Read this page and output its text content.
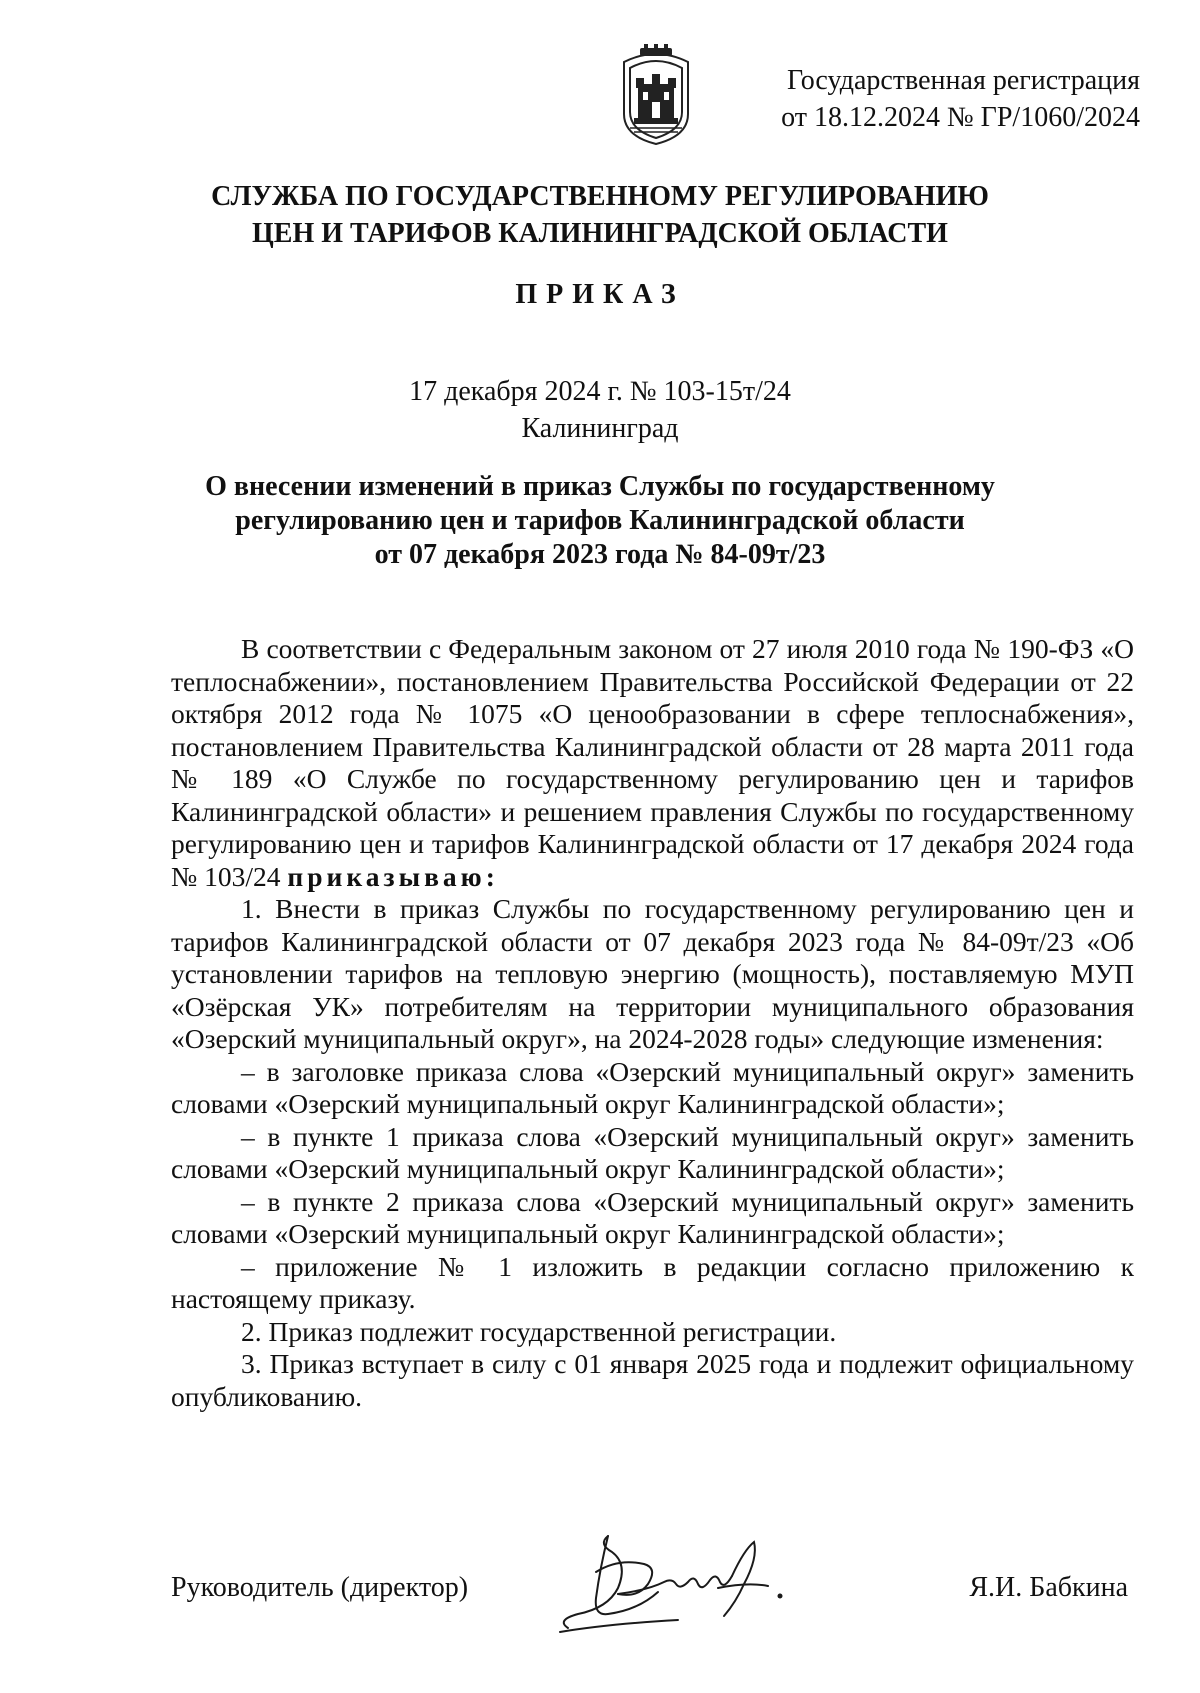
Государственная регистрация
от 18.12.2024 № ГР/1060/2024
СЛУЖБА ПО ГОСУДАРСТВЕННОМУ РЕГУЛИРОВАНИЮ
ЦЕН И ТАРИФОВ КАЛИНИНГРАДСКОЙ ОБЛАСТИ
ПРИКАЗ
17 декабря 2024 г. № 103-15т/24
Калининград
О внесении изменений в приказ Службы по государственному
регулированию цен и тарифов Калининградской области
от 07 декабря 2023 года № 84-09т/23

В соответствии с Федеральным законом от 27 июля 2010 года № 190-ФЗ «О теплоснабжении», постановлением Правительства Российской Федерации от 22 октября 2012 года № 1075 «О ценообразовании в сфере теплоснабжения», постановлением Правительства Калининградской области от 28 марта 2011 года № 189 «О Службе по государственному регулированию цен и тарифов Калининградской области» и решением правления Службы по государственному регулированию цен и тарифов Калининградской области от 17 декабря 2024 года № 103/24 приказываю:

1. Внести в приказ Службы по государственному регулированию цен и тарифов Калининградской области от 07 декабря 2023 года № 84-09т/23 «Об установлении тарифов на тепловую энергию (мощность), поставляемую МУП «Озёрская УК» потребителям на территории муниципального образования «Озерский муниципальный округ», на 2024-2028 годы» следующие изменения:

– в заголовке приказа слова «Озерский муниципальный округ» заменить словами «Озерский муниципальный округ Калининградской области»;

– в пункте 1 приказа слова «Озерский муниципальный округ» заменить словами «Озерский муниципальный округ Калининградской области»;

– в пункте 2 приказа слова «Озерский муниципальный округ» заменить словами «Озерский муниципальный округ Калининградской области»;

– приложение № 1 изложить в редакции согласно приложению к настоящему приказу.

2. Приказ подлежит государственной регистрации.

3. Приказ вступает в силу с 01 января 2025 года и подлежит официальному опубликованию.

Руководитель (директор)	Я.И. Бабкина
